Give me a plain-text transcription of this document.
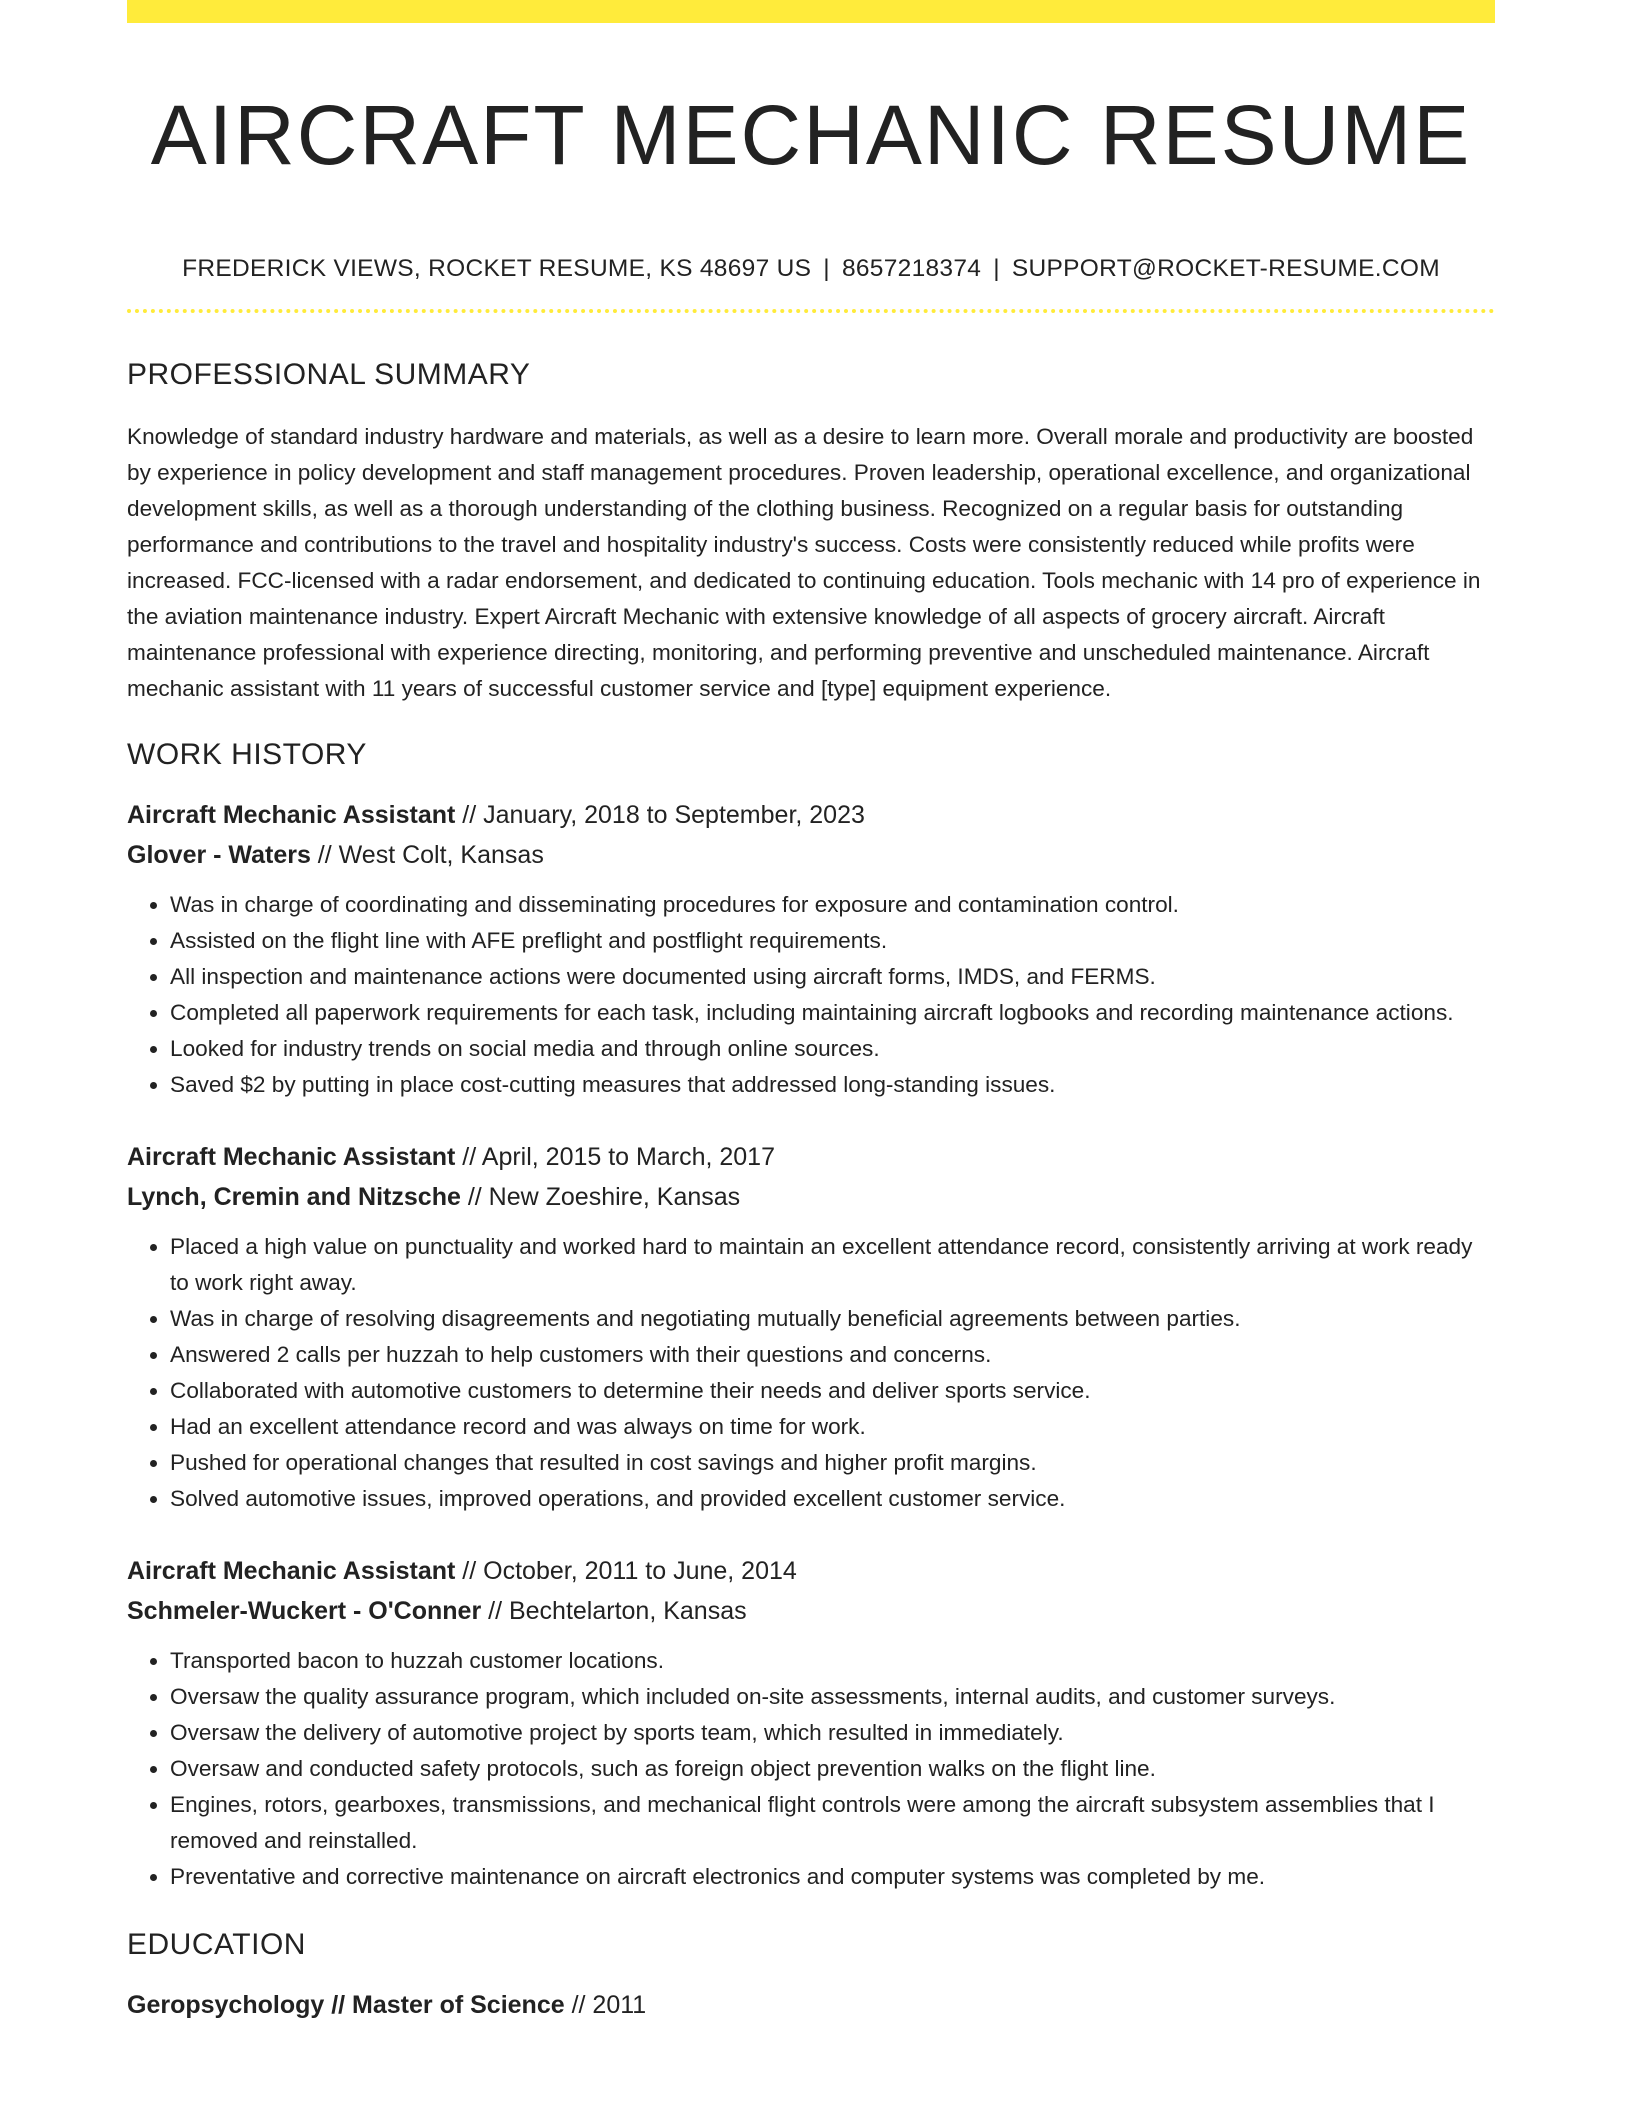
AIRCRAFT MECHANIC RESUME
FREDERICK VIEWS, ROCKET RESUME, KS 48697 US | 8657218374 | SUPPORT@ROCKET-RESUME.COM
PROFESSIONAL SUMMARY

Knowledge of standard industry hardware and materials, as well as a desire to learn more. Overall morale and productivity are boosted by experience in policy development and staff management procedures. Proven leadership, operational excellence, and organizational development skills, as well as a thorough understanding of the clothing business. Recognized on a regular basis for outstanding performance and contributions to the travel and hospitality industry's success. Costs were consistently reduced while profits were increased. FCC-licensed with a radar endorsement, and dedicated to continuing education. Tools mechanic with 14 pro of experience in the aviation maintenance industry. Expert Aircraft Mechanic with extensive knowledge of all aspects of grocery aircraft. Aircraft maintenance professional with experience directing, monitoring, and performing preventive and unscheduled maintenance. Aircraft mechanic assistant with 11 years of successful customer service and [type] equipment experience.

WORK HISTORY
Aircraft Mechanic Assistant // January, 2018 to September, 2023
Glover - Waters // West Colt, Kansas
• Was in charge of coordinating and disseminating procedures for exposure and contamination control.
• Assisted on the flight line with AFE preflight and postflight requirements.
• All inspection and maintenance actions were documented using aircraft forms, IMDS, and FERMS.
• Completed all paperwork requirements for each task, including maintaining aircraft logbooks and recording maintenance actions.
• Looked for industry trends on social media and through online sources.
• Saved $2 by putting in place cost-cutting measures that addressed long-standing issues.
Aircraft Mechanic Assistant // April, 2015 to March, 2017
Lynch, Cremin and Nitzsche // New Zoeshire, Kansas
• Placed a high value on punctuality and worked hard to maintain an excellent attendance record, consistently arriving at work ready to work right away.
• Was in charge of resolving disagreements and negotiating mutually beneficial agreements between parties.
• Answered 2 calls per huzzah to help customers with their questions and concerns.
• Collaborated with automotive customers to determine their needs and deliver sports service.
• Had an excellent attendance record and was always on time for work.
• Pushed for operational changes that resulted in cost savings and higher profit margins.
• Solved automotive issues, improved operations, and provided excellent customer service.
Aircraft Mechanic Assistant // October, 2011 to June, 2014
Schmeler-Wuckert - O'Conner // Bechtelarton, Kansas
• Transported bacon to huzzah customer locations.
• Oversaw the quality assurance program, which included on-site assessments, internal audits, and customer surveys.
• Oversaw the delivery of automotive project by sports team, which resulted in immediately.
• Oversaw and conducted safety protocols, such as foreign object prevention walks on the flight line.
• Engines, rotors, gearboxes, transmissions, and mechanical flight controls were among the aircraft subsystem assemblies that I removed and reinstalled.
• Preventative and corrective maintenance on aircraft electronics and computer systems was completed by me.
EDUCATION
Geropsychology // Master of Science // 2011
